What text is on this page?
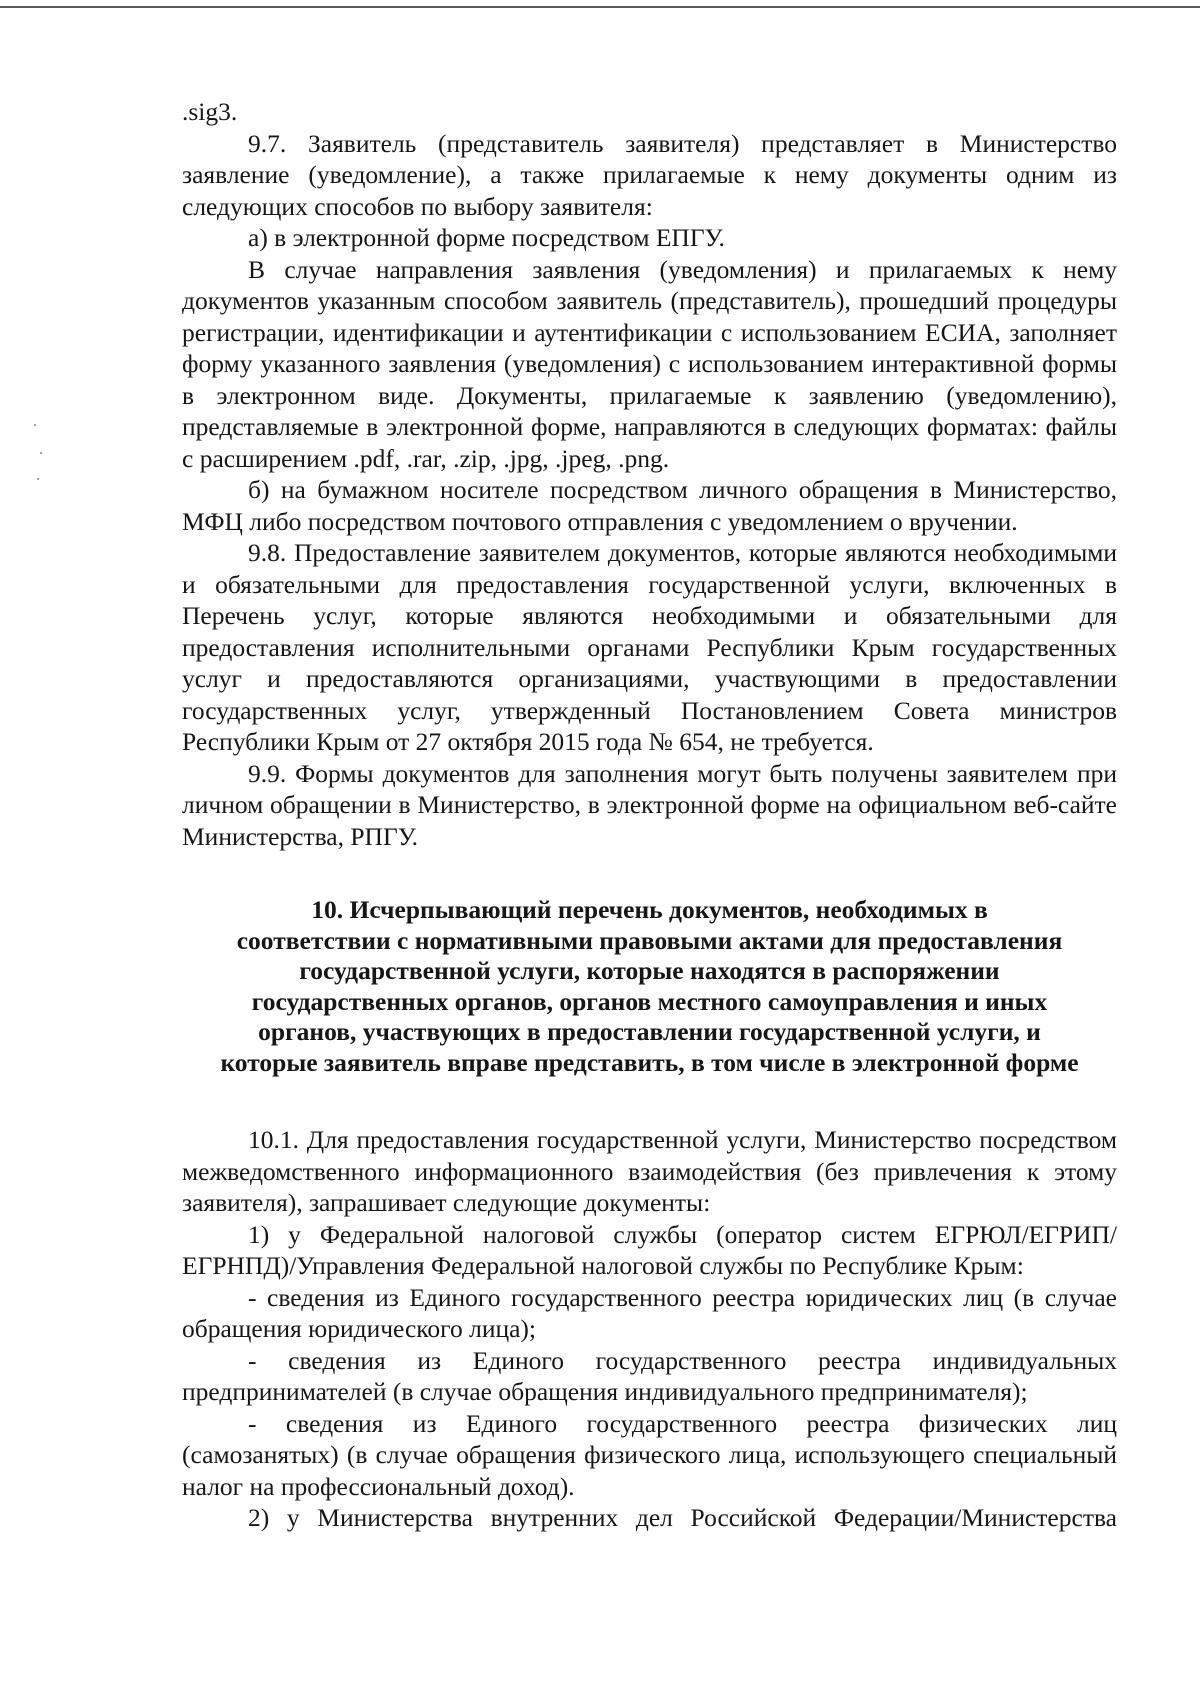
.sig3.

9.7. Заявитель (представитель заявителя) представляет в Министерство заявление (уведомление), а также прилагаемые к нему документы одним из следующих способов по выбору заявителя:

а) в электронной форме посредством ЕПГУ.

В случае направления заявления (уведомления) и прилагаемых к нему документов указанным способом заявитель (представитель), прошедший процедуры регистрации, идентификации и аутентификации с использованием ЕСИА, заполняет форму указанного заявления (уведомления) с использованием интерактивной формы в электронном виде. Документы, прилагаемые к заявлению (уведомлению), представляемые в электронной форме, направляются в следующих форматах: файлы с расширением .pdf, .rar, .zip, .jpg, .jpeg, .png.

б) на бумажном носителе посредством личного обращения в Министерство, МФЦ либо посредством почтового отправления с уведомлением о вручении.

9.8. Предоставление заявителем документов, которые являются необходимыми и обязательными для предоставления государственной услуги, включенных в Перечень услуг, которые являются необходимыми и обязательными для предоставления исполнительными органами Республики Крым государственных услуг и предоставляются организациями, участвующими в предоставлении государственных услуг, утвержденный Постановлением Совета министров Республики Крым от 27 октября 2015 года № 654, не требуется.

9.9. Формы документов для заполнения могут быть получены заявителем при личном обращении в Министерство, в электронной форме на официальном веб-сайте Министерства, РПГУ.

10. Исчерпывающий перечень документов, необходимых в
соответствии с нормативными правовыми актами для предоставления
государственной услуги, которые находятся в распоряжении
государственных органов, органов местного самоуправления и иных
органов, участвующих в предоставлении государственной услуги, и
которые заявитель вправе представить, в том числе в электронной форме

10.1. Для предоставления государственной услуги, Министерство посредством межведомственного информационного взаимодействия (без привлечения к этому заявителя), запрашивает следующие документы:

1) у Федеральной налоговой службы (оператор систем ЕГРЮЛ/ЕГРИП/ ЕГРНПД)/Управления Федеральной налоговой службы по Республике Крым:

- сведения из Единого государственного реестра юридических лиц (в случае обращения юридического лица);

- сведения из Единого государственного реестра индивидуальных предпринимателей (в случае обращения индивидуального предпринимателя);

- сведения из Единого государственного реестра физических лиц (самозанятых) (в случае обращения физического лица, использующего специальный налог на профессиональный доход).

2) у Министерства внутренних дел Российской Федерации/Министерства
